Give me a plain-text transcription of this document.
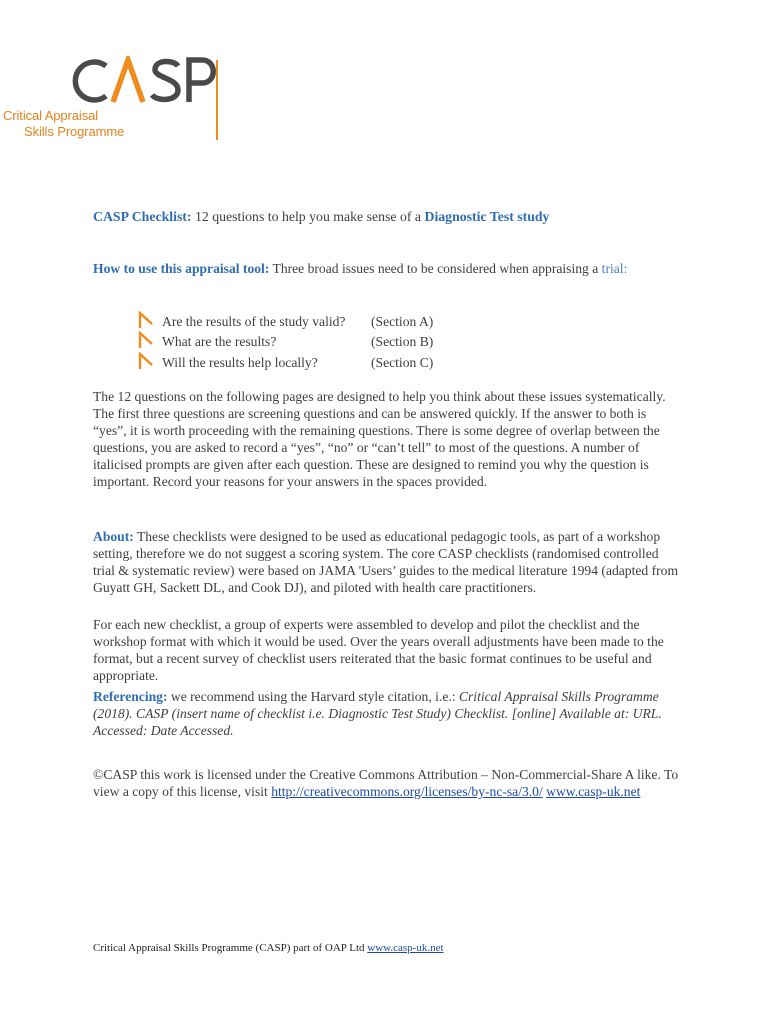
Critical Appraisal
Skills Programme
CASP Checklist: 12 questions to help you make sense of a Diagnostic Test study
How to use this appraisal tool: Three broad issues need to be considered when appraising a trial:
Are the results of the study valid? (Section A)
What are the results?	(Section B)
Will the results help locally?	(Section C)
The 12 questions on the following pages are designed to help you think about these issues systematically. The first three questions are screening questions and can be answered quickly. If the answer to both is “yes”, it is worth proceeding with the remaining questions. There is some degree of overlap between the questions, you are asked to record a “yes”, “no” or “can’t tell” to most of the questions. A number of italicised prompts are given after each question. These are designed to remind you why the question is important. Record your reasons for your answers in the spaces provided.
About: These checklists were designed to be used as educational pedagogic tools, as part of a workshop setting, therefore we do not suggest a scoring system. The core CASP checklists (randomised controlled trial & systematic review) were based on JAMA 'Users’ guides to the medical literature 1994 (adapted from Guyatt GH, Sackett DL, and Cook DJ), and piloted with health care practitioners.
For each new checklist, a group of experts were assembled to develop and pilot the checklist and the workshop format with which it would be used. Over the years overall adjustments have been made to the format, but a recent survey of checklist users reiterated that the basic format continues to be useful and appropriate.
Referencing: we recommend using the Harvard style citation, i.e.: Critical Appraisal Skills Programme (2018). CASP (insert name of checklist i.e. Diagnostic Test Study) Checklist. [online] Available at: URL. Accessed: Date Accessed.
©CASP this work is licensed under the Creative Commons Attribution – Non-Commercial-Share A like. To view a copy of this license, visit http://creativecommons.org/licenses/by-nc-sa/3.0/ www.casp-uk.net
Critical Appraisal Skills Programme (CASP) part of OAP Ltd www.casp-uk.net
